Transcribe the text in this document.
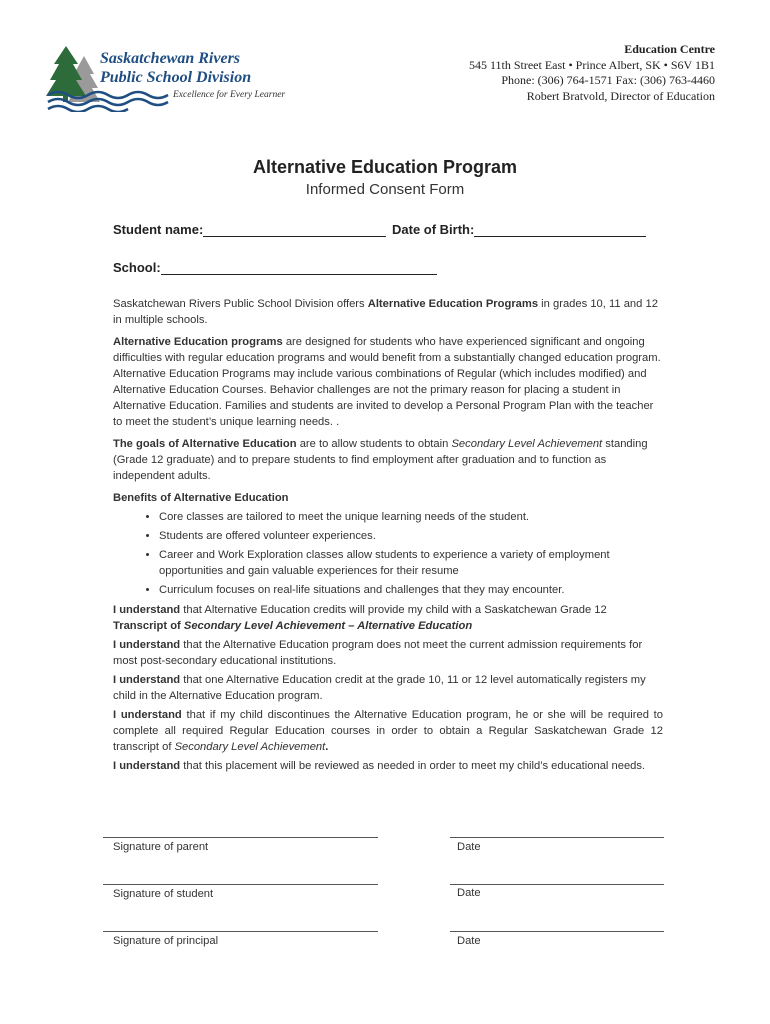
Saskatchewan Rivers
Public School Division
Excellence for Every Learner
Education Centre
545 11th Street East • Prince Albert, SK • S6V 1B1
Phone: (306) 764-1571 Fax: (306) 763-4460
Robert Bratvold, Director of Education
Alternative Education Program
Informed Consent Form
Student name:	Date of Birth:
School:

Saskatchewan Rivers Public School Division offers Alternative Education Programs in grades 10, 11 and 12 in multiple schools.

Alternative Education programs are designed for students who have experienced significant and ongoing difficulties with regular education programs and would benefit from a substantially changed education program. Alternative Education Programs may include various combinations of Regular (which includes modified) and Alternative Education Courses. Behavior challenges are not the primary reason for placing a student in Alternative Education. Families and students are invited to develop a Personal Program Plan with the teacher to meet the student’s unique learning needs. .

The goals of Alternative Education are to allow students to obtain Secondary Level Achievement standing (Grade 12 graduate) and to prepare students to find employment after graduation and to function as independent adults.

Benefits of Alternative Education

• Core classes are tailored to meet the unique learning needs of the student.
• Students are offered volunteer experiences.
• Career and Work Exploration classes allow students to experience a variety of employment opportunities and gain valuable experiences for their resume
• Curriculum focuses on real-life situations and challenges that they may encounter.

I understand that Alternative Education credits will provide my child with a Saskatchewan Grade 12
Transcript of Secondary Level Achievement – Alternative Education

I understand that the Alternative Education program does not meet the current admission requirements for most post-secondary educational institutions.

I understand that one Alternative Education credit at the grade 10, 11 or 12 level automatically registers my child in the Alternative Education program.

I understand that if my child discontinues the Alternative Education program, he or she will be required to complete all required Regular Education courses in order to obtain a Regular Saskatchewan Grade 12 transcript of Secondary Level Achievement.

I understand that this placement will be reviewed as needed in order to meet my child’s educational needs.

Signature of parent	Date
Signature of student	Date
Signature of principal	Date
